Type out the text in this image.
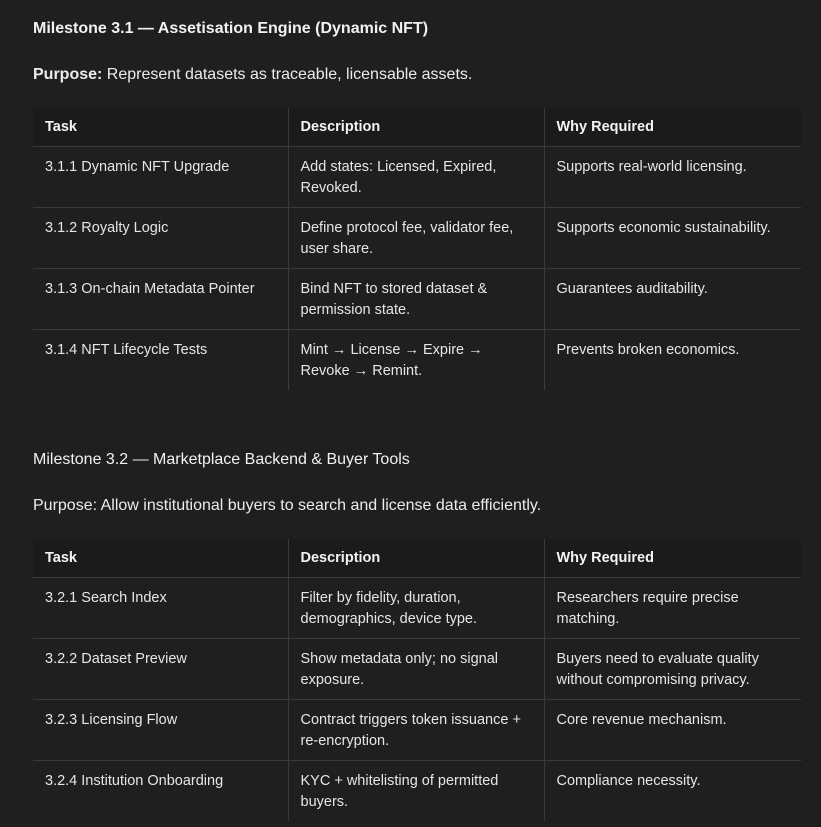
Milestone 3.1 — Assetisation Engine (Dynamic NFT)

Purpose: Represent datasets as traceable, licensable assets.

Task	Description	Why Required
3.1.1 Dynamic NFT Upgrade	Add states: Licensed, Expired, Revoked.	Supports real-world licensing.
3.1.2 Royalty Logic	Define protocol fee, validator fee, user share.	Supports economic sustainability.
3.1.3 On-chain Metadata Pointer	Bind NFT to stored dataset & permission state.	Guarantees auditability.
3.1.4 NFT Lifecycle Tests	Mint → License → Expire → Revoke → Remint.	Prevents broken economics.
Milestone 3.2 — Marketplace Backend & Buyer Tools

Purpose: Allow institutional buyers to search and license data efficiently.

Task	Description	Why Required
3.2.1 Search Index	Filter by fidelity, duration, demographics, device type.	Researchers require precise matching.
3.2.2 Dataset Preview	Show metadata only; no signal exposure.	Buyers need to evaluate quality without compromising privacy.
3.2.3 Licensing Flow	Contract triggers token issuance + re-encryption.	Core revenue mechanism.
3.2.4 Institution Onboarding	KYC + whitelisting of permitted buyers.	Compliance necessity.
